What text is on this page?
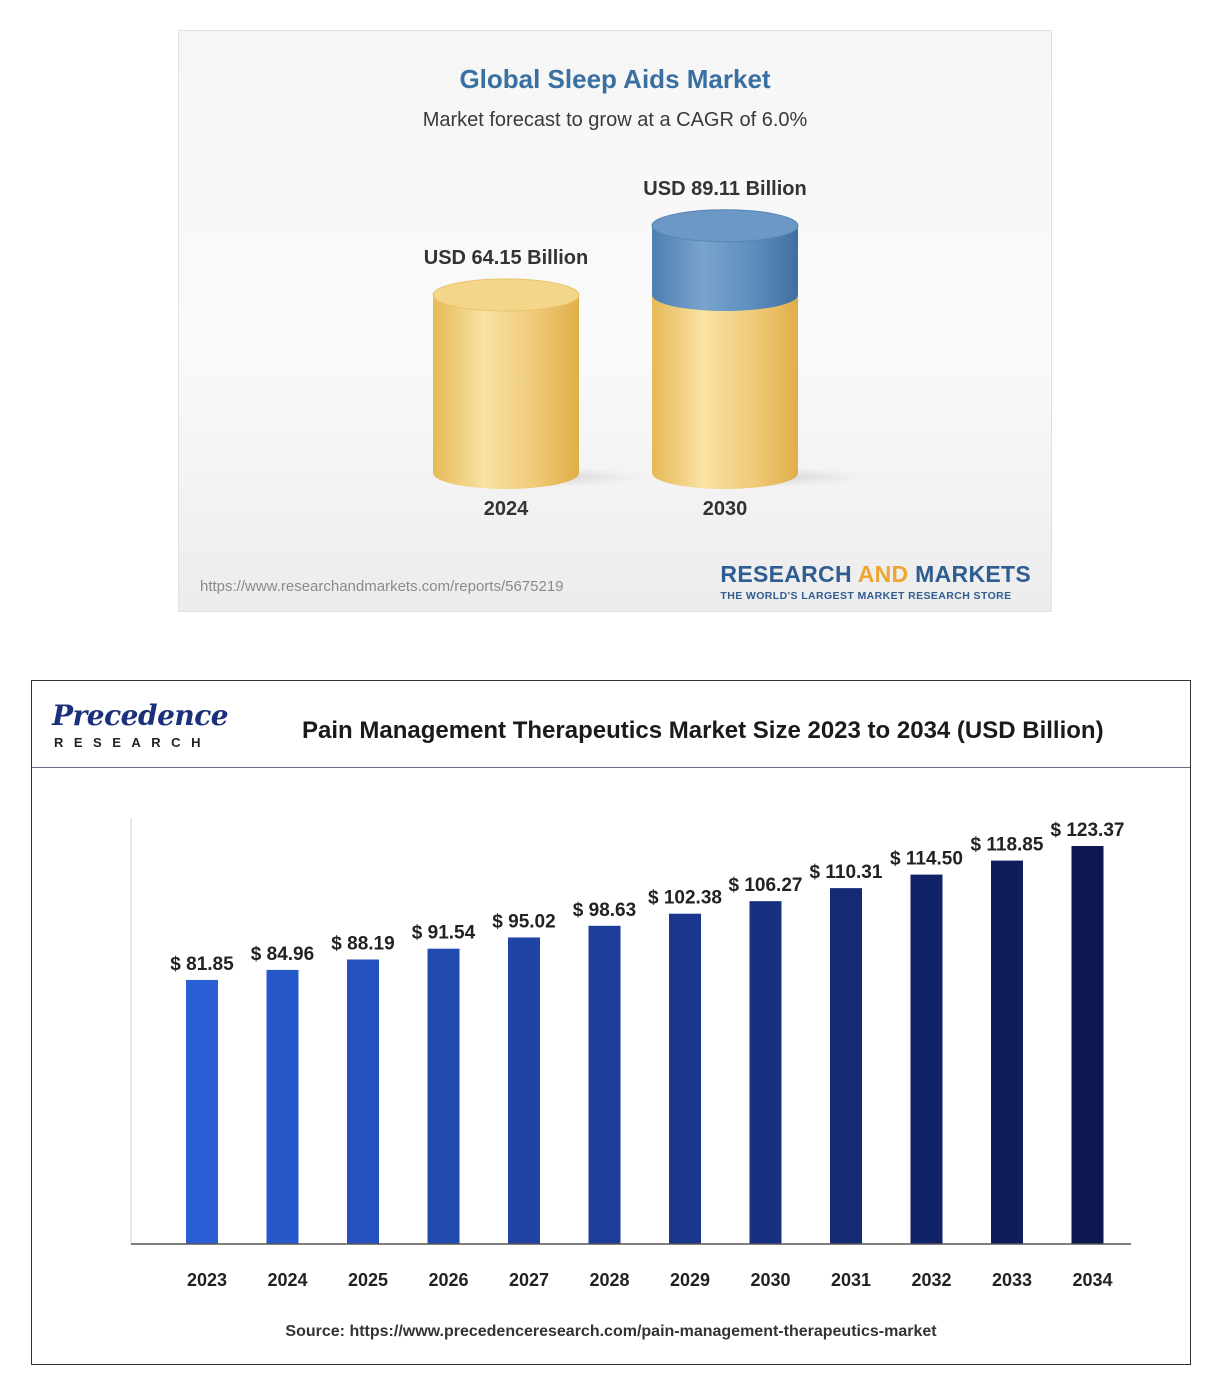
Global Sleep Aids Market
Market forecast to grow at a CAGR of 6.0%
USD 64.15 Billion
USD 89.11 Billion
2024	2030
https://www.researchandmarkets.com/reports/5675219	RESEARCH AND MARKETS
THE WORLD'S LARGEST MARKET RESEARCH STORE
Precedence
RESEARCH	Pain Management Therapeutics Market Size 2023 to 2034 (USD Billion)
$ 81.85
2023
$ 84.96
2024
$ 88.19
2025
$ 91.54
2026
$ 95.02
2027
$ 98.63
2028
$ 102.38
2029
$ 106.27
2030
$ 110.31
2031
$ 114.50
2032
$ 118.85
2033
$ 123.37
2034
Source: https://www.precedenceresearch.com/pain-management-therapeutics-market
